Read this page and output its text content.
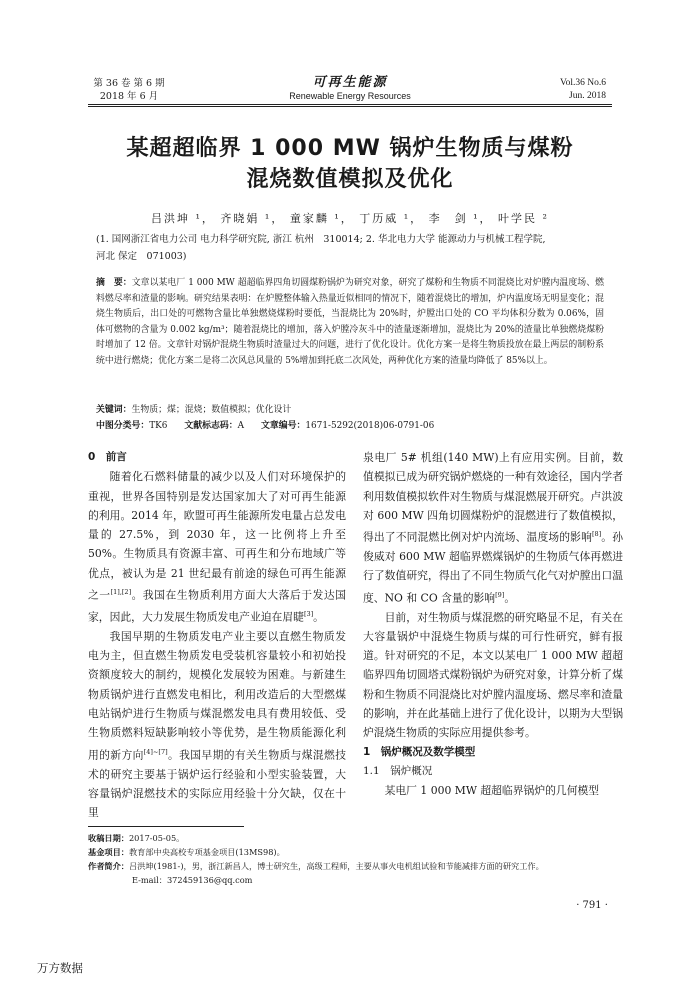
第 36 卷 第 6 期
2018 年 6 月
可再生能源
Renewable Energy Resources
Vol.36 No.6
Jun. 2018
某超超临界 1 000 MW 锅炉生物质与煤粉
混烧数值模拟及优化
吕洪坤 ¹， 齐晓娟 ¹， 童家麟 ¹， 丁历威 ¹， 李　剑 ¹， 叶学民 ²
(1. 国网浙江省电力公司 电力科学研究院, 浙江 杭州　310014; 2. 华北电力大学 能源动力与机械工程学院,
河北 保定　071003)
摘　要：文章以某电厂 1 000 MW 超超临界四角切圆煤粉锅炉为研究对象，研究了煤粉和生物质不同混烧比对炉膛内温度场、燃料燃尽率和渣量的影响。研究结果表明：在炉膛整体输入热量近似相同的情况下，随着混烧比的增加，炉内温度场无明显变化；混烧生物质后，出口处的可燃物含量比单独燃烧煤粉时要低，当混烧比为 20%时，炉膛出口处的 CO 平均体积分数为 0.06%，固体可燃物的含量为 0.002 kg/m³；随着混烧比的增加，落入炉膛冷灰斗中的渣量逐渐增加，混烧比为 20%的渣量比单独燃烧煤粉时增加了 12 倍。文章针对锅炉混烧生物质时渣量过大的问题，进行了优化设计。优化方案一是将生物质投放在最上两层的制粉系统中进行燃烧；优化方案二是将二次风总风量的 5%增加到托底二次风处，两种优化方案的渣量均降低了 85%以上。
关键词：生物质；煤；混烧；数值模拟；优化设计
中图分类号：TK6 文献标志码：A 文章编号：1671-5292(2018)06-0791-06

0　前言

随着化石燃料储量的减少以及人们对环境保护的重视，世界各国特别是发达国家加大了对可再生能源的利用。2014 年，欧盟可再生能源所发电量占总发电量的 27.5%，到 2030 年，这一比例将上升至 50%。生物质具有资源丰富、可再生和分布地域广等优点，被认为是 21 世纪最有前途的绿色可再生能源之一[1],[2]。我国在生物质利用方面大大落后于发达国家，因此，大力发展生物质发电产业迫在眉睫[3]。

我国早期的生物质发电产业主要以直燃生物质发电为主，但直燃生物质发电受装机容量较小和初始投资额度较大的制约，规模化发展较为困难。与新建生物质锅炉进行直燃发电相比，利用改造后的大型燃煤电站锅炉进行生物质与煤混燃发电具有费用较低、受生物质燃料短缺影响较小等优势，是生物质能源化利用的新方向[4]~[7]。我国早期的有关生物质与煤混燃技术的研究主要基于锅炉运行经验和小型实验装置，大容量锅炉混燃技术的实际应用经验十分欠缺，仅在十里

泉电厂 5# 机组(140 MW)上有应用实例。目前，数值模拟已成为研究锅炉燃烧的一种有效途径，国内学者利用数值模拟软件对生物质与煤混燃展开研究。卢洪波对 600 MW 四角切圆煤粉炉的混燃进行了数值模拟，得出了不同混燃比例对炉内流场、温度场的影响[8]。孙俊威对 600 MW 超临界燃煤锅炉的生物质气体再燃进行了数值研究，得出了不同生物质气化气对炉膛出口温度、NO 和 CO 含量的影响[9]。

目前，对生物质与煤混燃的研究略显不足，有关在大容量锅炉中混烧生物质与煤的可行性研究，鲜有报道。针对研究的不足，本文以某电厂 1 000 MW 超超临界四角切圆塔式煤粉锅炉为研究对象，计算分析了煤粉和生物质不同混烧比对炉膛内温度场、燃尽率和渣量的影响，并在此基础上进行了优化设计，以期为大型锅炉混烧生物质的实际应用提供参考。

1　锅炉概况及数学模型

1.1　锅炉概况

某电厂 1 000 MW 超超临界锅炉的几何模型

收稿日期：2017-05-05。
基金项目：教育部中央高校专项基金项目(13MS98)。
作者简介：吕洪坤(1981-)，男，浙江新昌人，博士研究生，高级工程师，主要从事火电机组试验和节能减排方面的研究工作。
E-mail：372459136@qq.com
· 791 ·
万方数据
